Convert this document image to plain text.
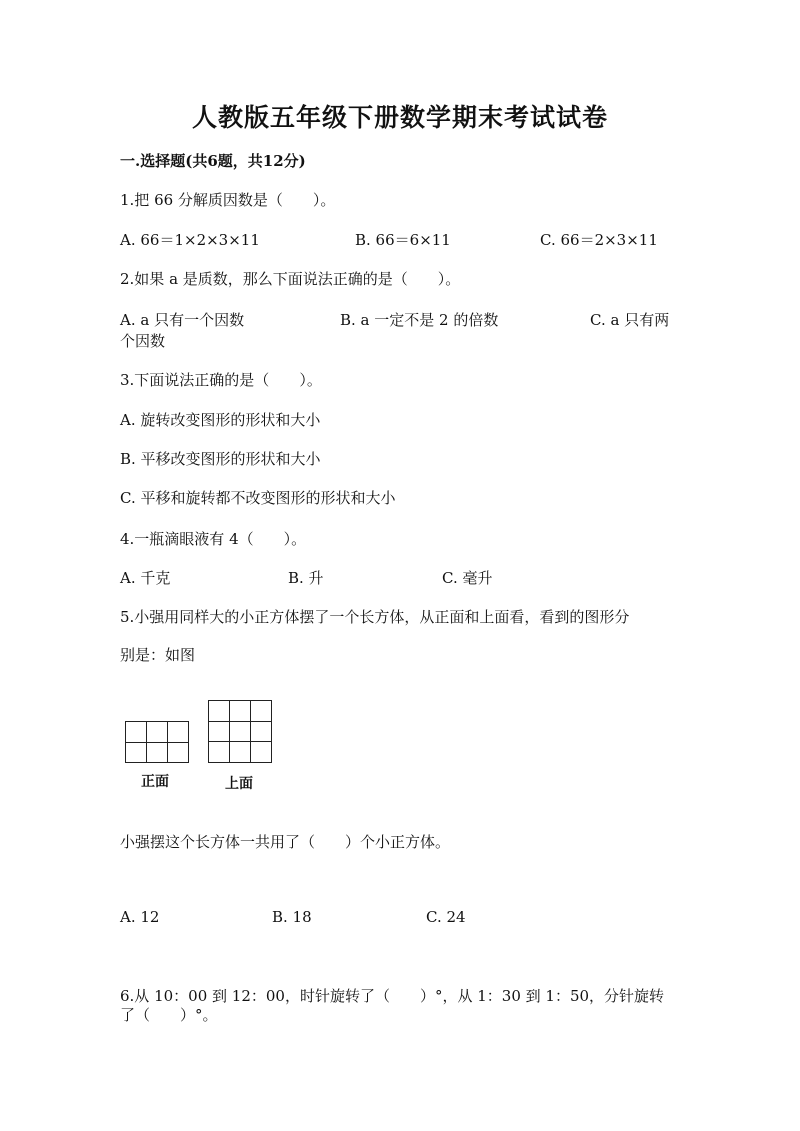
人教版五年级下册数学期末考试试卷
一.选择题(共6题，共12分)
1.把 66 分解质因数是（　　）。
A. 66＝1×2×3×11	B. 66＝6×11	C. 66＝2×3×11
2.如果 a 是质数，那么下面说法正确的是（　　）。
A. a 只有一个因数	B. a 一定不是 2 的倍数	C. a 只有两
个因数
3.下面说法正确的是（　　）。
A. 旋转改变图形的形状和大小
B. 平移改变图形的形状和大小
C. 平移和旋转都不改变图形的形状和大小
4.一瓶滴眼液有 4（　　）。
A. 千克	B. 升	C. 毫升
5.小强用同样大的小正方体摆了一个长方体，从正面和上面看，看到的图形分
别是：如图

正面

			上面
小强摆这个长方体一共用了（　　）个小正方体。
A. 12	B. 18	C. 24
6.从 10：00 到 12：00，时针旋转了（　　）°，从 1：30 到 1：50，分针旋转
了（　　）°。
